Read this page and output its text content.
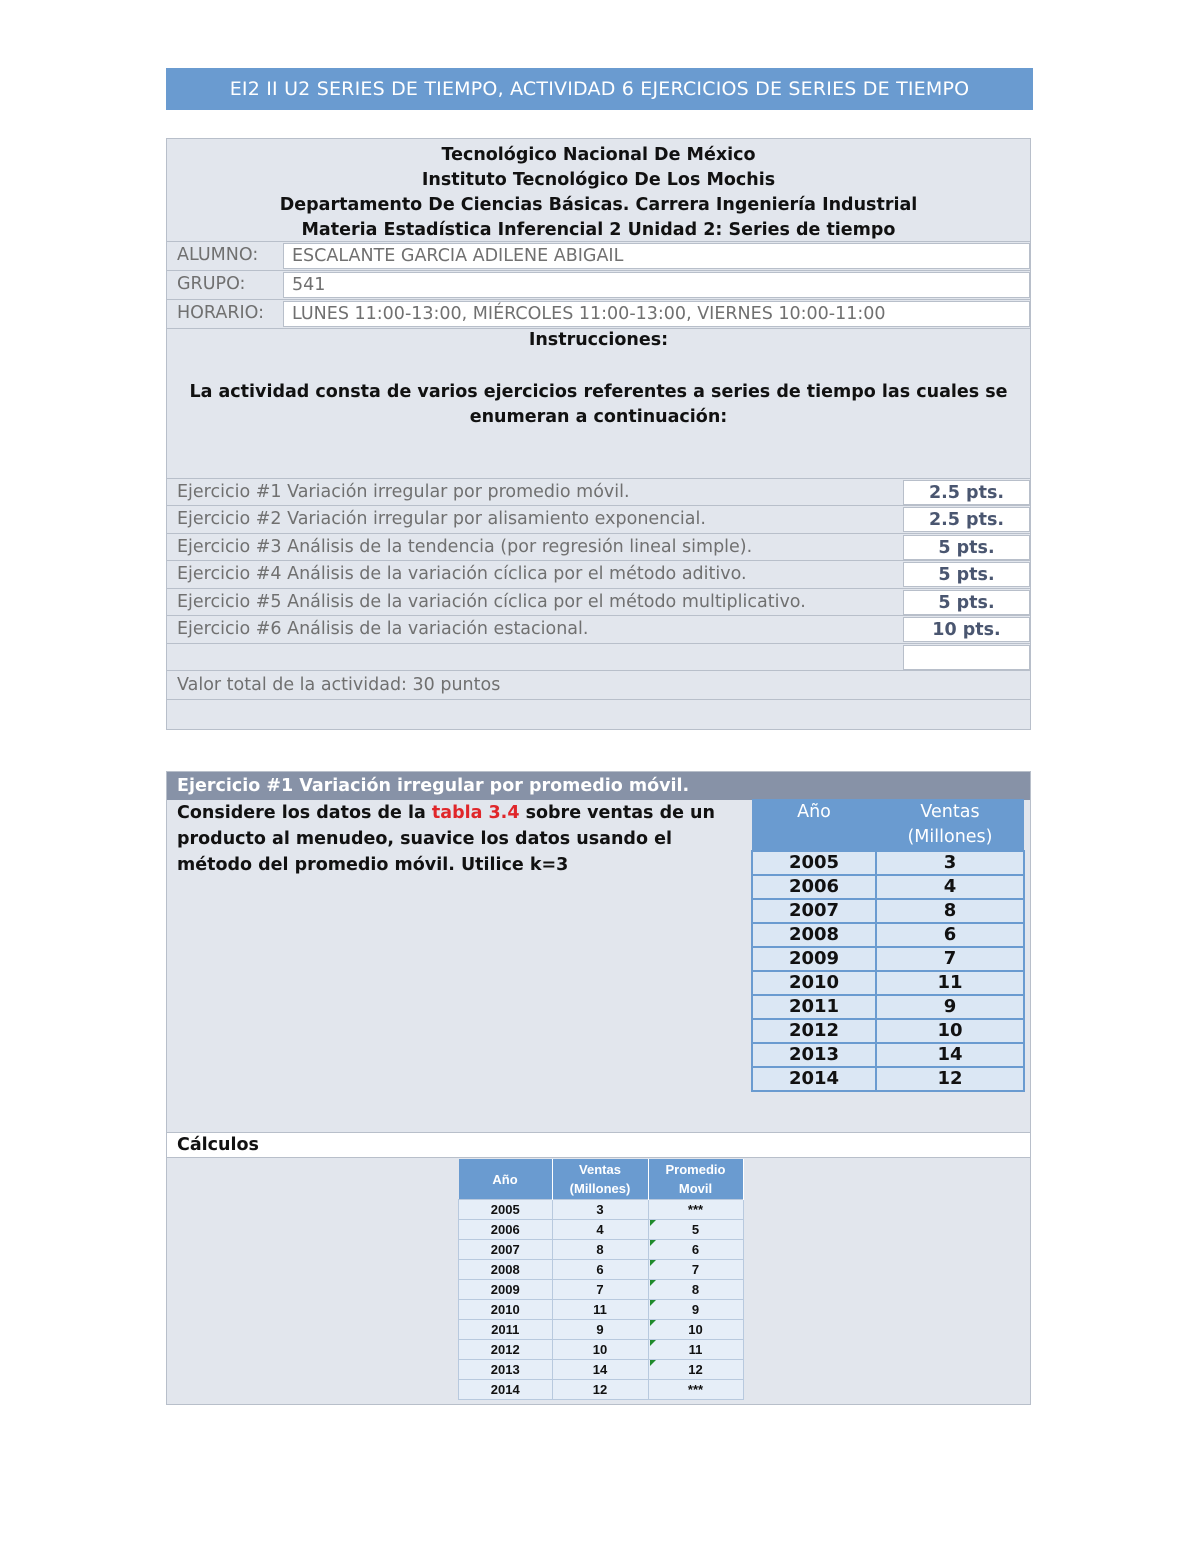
EI2 II U2 SERIES DE TIEMPO, ACTIVIDAD 6 EJERCICIOS DE SERIES DE TIEMPO
Tecnológico Nacional De México
Instituto Tecnológico De Los Mochis
Departamento De Ciencias Básicas. Carrera Ingeniería Industrial
Materia Estadística Inferencial 2 Unidad 2: Series de tiempo
ALUMNO:	ESCALANTE GARCIA ADILENE ABIGAIL
GRUPO:	541
HORARIO:	LUNES 11:00-13:00, MIÉRCOLES 11:00-13:00, VIERNES 10:00-11:00
Instrucciones:
La actividad consta de varios ejercicios referentes a series de tiempo las cuales se
enumeran a continuación:
Ejercicio #1 Variación irregular por promedio móvil.	2.5 pts.
Ejercicio #2 Variación irregular por alisamiento exponencial.	2.5 pts.
Ejercicio #3 Análisis de la tendencia (por regresión lineal simple).	5 pts.
Ejercicio #4 Análisis de la variación cíclica por el método aditivo.	5 pts.
Ejercicio #5 Análisis de la variación cíclica por el método multiplicativo.	5 pts.
Ejercicio #6 Análisis de la variación estacional.	10 pts.
Valor total de la actividad: 30 puntos
Ejercicio #1 Variación irregular por promedio móvil.
Considere los datos de la tabla 3.4 sobre ventas de un producto al menudeo, suavice los datos usando el método del promedio móvil. Utilice k=3
Cálculos
Año	Ventas (Millones)
2005	3
2006	4
2007	8
2008	6
2009	7
2010	11
2011	9
2012	10
2013	14
2014	12
Año	Ventas (Millones)	Promedio Movil
2005	3	***
2006	4	5
2007	8	6
2008	6	7
2009	7	8
2010	11	9
2011	9	10
2012	10	11
2013	14	12
2014	12	***
